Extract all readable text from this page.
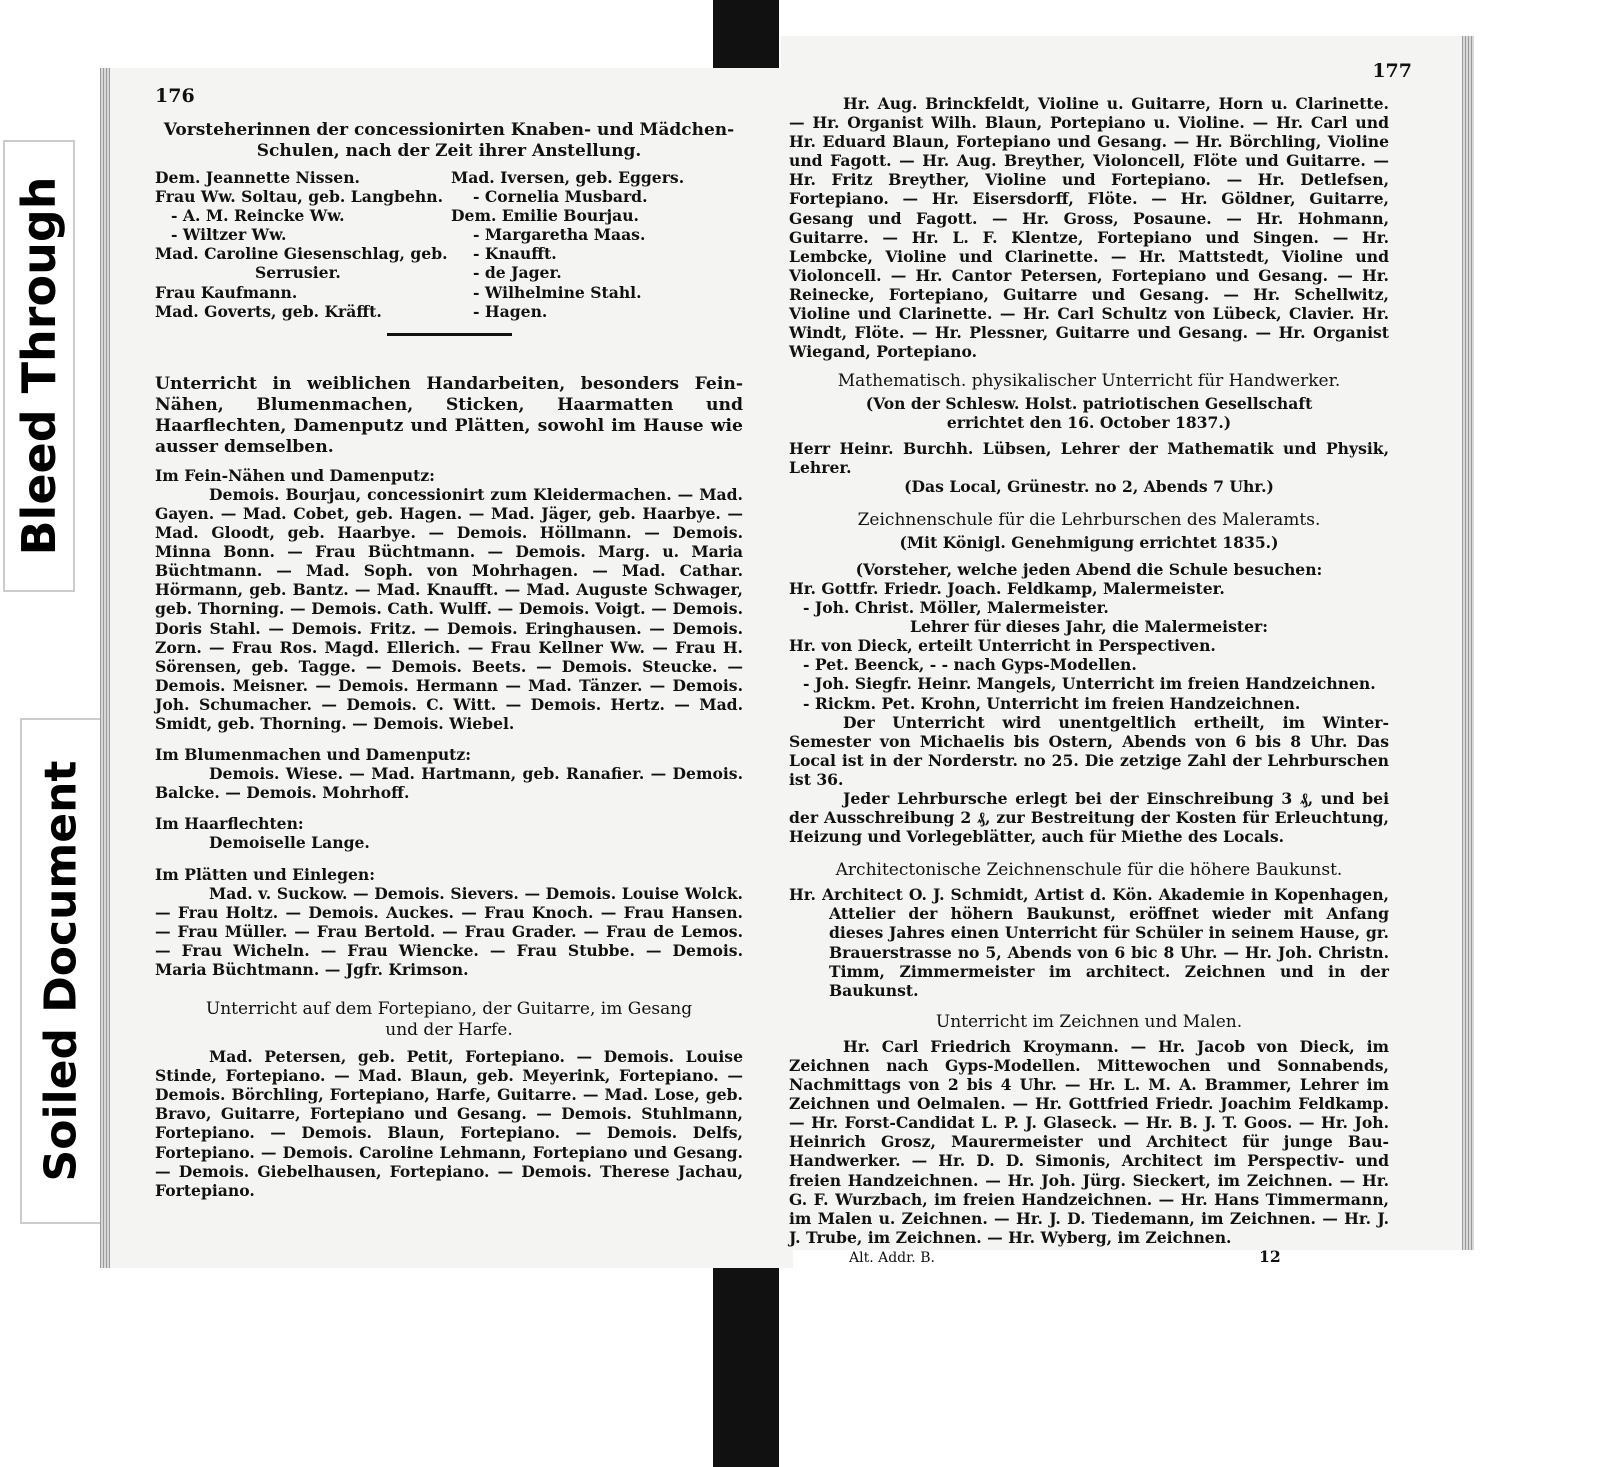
Bleed Through
Soiled Document
176
Vorsteherinnen der concessionirten Knaben- und Mädchen-Schulen, nach der Zeit ihrer Anstellung.
Dem. Jeannette Nissen.
Frau Ww. Soltau, geb. Langbehn.
- A. M. Reincke Ww.
- Wiltzer Ww.
Mad. Caroline Giesenschlag, geb.
Serrusier.
Frau Kaufmann.
Mad. Goverts, geb. Kräfft.
Mad. Iversen, geb. Eggers.
- Cornelia Musbard.
Dem. Emilie Bourjau.
- Margaretha Maas.
- Knaufft.
- de Jager.
- Wilhelmine Stahl.
- Hagen.
Unterricht in weiblichen Handarbeiten, besonders Fein-Nähen, Blumenmachen, Sticken, Haarmatten und Haarflechten, Damenputz und Plätten, sowohl im Hause wie ausser demselben.
Im Fein-Nähen und Damenputz:
Demois. Bourjau, concessionirt zum Kleidermachen. — Mad. Gayen. — Mad. Cobet, geb. Hagen. — Mad. Jäger, geb. Haarbye. — Mad. Gloodt, geb. Haarbye. — Demois. Höllmann. — Demois. Minna Bonn. — Frau Büchtmann. — Demois. Marg. u. Maria Büchtmann. — Mad. Soph. von Mohrhagen. — Mad. Cathar. Hörmann, geb. Bantz. — Mad. Knaufft. — Mad. Auguste Schwager, geb. Thorning. — Demois. Cath. Wulff. — Demois. Voigt. — Demois. Doris Stahl. — Demois. Fritz. — Demois. Eringhausen. — Demois. Zorn. — Frau Ros. Magd. Ellerich. — Frau Kellner Ww. — Frau H. Sörensen, geb. Tagge. — Demois. Beets. — Demois. Steucke. — Demois. Meisner. — Demois. Hermann — Mad. Tänzer. — Demois. Joh. Schumacher. — Demois. C. Witt. — Demois. Hertz. — Mad. Smidt, geb. Thorning. — Demois. Wiebel.
Im Blumenmachen und Damenputz:
Demois. Wiese. — Mad. Hartmann, geb. Ranafier. — Demois. Balcke. — Demois. Mohrhoff.
Im Haarflechten:
Demoiselle Lange.
Im Plätten und Einlegen:
Mad. v. Suckow. — Demois. Sievers. — Demois. Louise Wolck. — Frau Holtz. — Demois. Auckes. — Frau Knoch. — Frau Hansen. — Frau Müller. — Frau Bertold. — Frau Grader. — Frau de Lemos. — Frau Wicheln. — Frau Wiencke. — Frau Stubbe. — Demois. Maria Büchtmann. — Jgfr. Krimson.
Unterricht auf dem Fortepiano, der Guitarre, im Gesang und der Harfe.
Mad. Petersen, geb. Petit, Fortepiano. — Demois. Louise Stinde, Fortepiano. — Mad. Blaun, geb. Meyerink, Fortepiano. — Demois. Börchling, Fortepiano, Harfe, Guitarre. — Mad. Lose, geb. Bravo, Guitarre, Fortepiano und Gesang. — Demois. Stuhlmann, Fortepiano. — Demois. Blaun, Fortepiano. — Demois. Delfs, Fortepiano. — Demois. Caroline Lehmann, Fortepiano und Gesang. — Demois. Giebelhausen, Fortepiano. — Demois. Therese Jachau, Fortepiano.
177
Hr. Aug. Brinckfeldt, Violine u. Guitarre, Horn u. Clarinette. — Hr. Organist Wilh. Blaun, Portepiano u. Violine. — Hr. Carl und Hr. Eduard Blaun, Fortepiano und Gesang. — Hr. Börchling, Violine und Fagott. — Hr. Aug. Breyther, Violoncell, Flöte und Guitarre. — Hr. Fritz Breyther, Violine und Fortepiano. — Hr. Detlefsen, Fortepiano. — Hr. Eisersdorff, Flöte. — Hr. Göldner, Guitarre, Gesang und Fagott. — Hr. Gross, Posaune. — Hr. Hohmann, Guitarre. — Hr. L. F. Klentze, Fortepiano und Singen. — Hr. Lembcke, Violine und Clarinette. — Hr. Mattstedt, Violine und Violoncell. — Hr. Cantor Petersen, Fortepiano und Gesang. — Hr. Reinecke, Fortepiano, Guitarre und Gesang. — Hr. Schellwitz, Violine und Clarinette. — Hr. Carl Schultz von Lübeck, Clavier. Hr. Windt, Flöte. — Hr. Plessner, Guitarre und Gesang. — Hr. Organist Wiegand, Portepiano.
Mathematisch. physikalischer Unterricht für Handwerker.
(Von der Schlesw. Holst. patriotischen Gesellschaft errichtet den 16. October 1837.)
Herr Heinr. Burchh. Lübsen, Lehrer der Mathematik und Physik, Lehrer.
(Das Local, Grünestr. no 2, Abends 7 Uhr.)
Zeichnenschule für die Lehrburschen des Maleramts.
(Mit Königl. Genehmigung errichtet 1835.)
(Vorsteher, welche jeden Abend die Schule besuchen:
Hr. Gottfr. Friedr. Joach. Feldkamp, Malermeister.
- Joh. Christ. Möller, Malermeister.
Lehrer für dieses Jahr, die Malermeister:
Hr. von Dieck, erteilt Unterricht in Perspectiven.
- Pet. Beenck, - - nach Gyps-Modellen.
- Joh. Siegfr. Heinr. Mangels, Unterricht im freien Handzeichnen.
- Rickm. Pet. Krohn, Unterricht im freien Handzeichnen.
Der Unterricht wird unentgeltlich ertheilt, im Winter-Semester von Michaelis bis Ostern, Abends von 6 bis 8 Uhr. Das Local ist in der Norderstr. no 25. Die zetzige Zahl der Lehrburschen ist 36.
Jeder Lehrbursche erlegt bei der Einschreibung 3 ₰, und bei der Ausschreibung 2 ₰, zur Bestreitung der Kosten für Erleuchtung, Heizung und Vorlegeblätter, auch für Miethe des Locals.
Architectonische Zeichnenschule für die höhere Baukunst.
Hr. Architect O. J. Schmidt, Artist d. Kön. Akademie in Kopenhagen, Attelier der höhern Baukunst, eröffnet wieder mit Anfang dieses Jahres einen Unterricht für Schüler in seinem Hause, gr. Brauerstrasse no 5, Abends von 6 bic 8 Uhr. — Hr. Joh. Christn. Timm, Zimmermeister im architect. Zeichnen und in der Baukunst.
Unterricht im Zeichnen und Malen.
Hr. Carl Friedrich Kroymann. — Hr. Jacob von Dieck, im Zeichnen nach Gyps-Modellen. Mittewochen und Sonnabends, Nachmittags von 2 bis 4 Uhr. — Hr. L. M. A. Brammer, Lehrer im Zeichnen und Oelmalen. — Hr. Gottfried Friedr. Joachim Feldkamp. — Hr. Forst-Candidat L. P. J. Glaseck. — Hr. B. J. T. Goos. — Hr. Joh. Heinrich Grosz, Maurermeister und Architect für junge Bau-Handwerker. — Hr. D. D. Simonis, Architect im Perspectiv- und freien Handzeichnen. — Hr. Joh. Jürg. Sieckert, im Zeichnen. — Hr. G. F. Wurzbach, im freien Handzeichnen. — Hr. Hans Timmermann, im Malen u. Zeichnen. — Hr. J. D. Tiedemann, im Zeichnen. — Hr. J. J. Trube, im Zeichnen. — Hr. Wyberg, im Zeichnen.
Alt. Addr. B.	12
